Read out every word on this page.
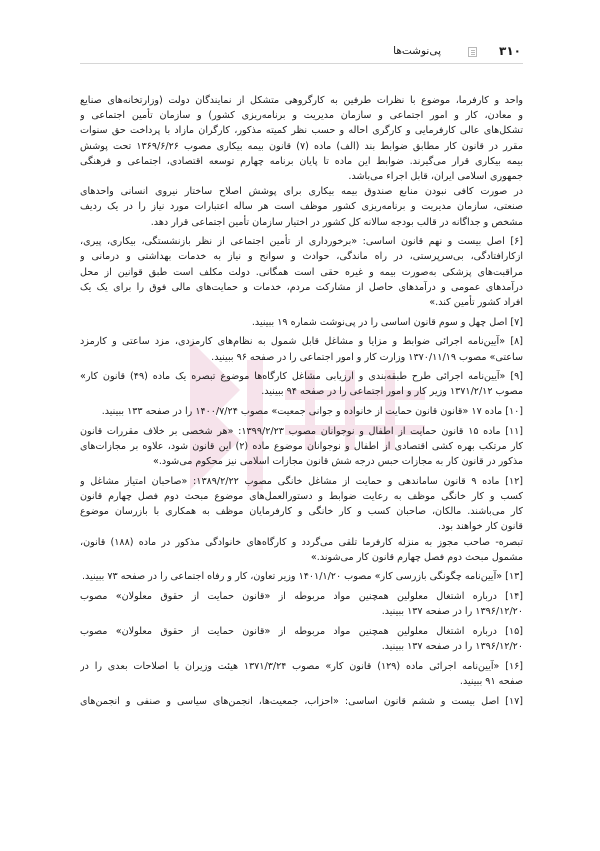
۳۱۰
پی‌نوشت‌ها
واحد و کارفرما، موضوع با نظرات طرفین به کارگروهی متشکل از نمایندگان دولت (وزارتخانه‌های صنایع
و معادن، کار و امور اجتماعی و سازمان مدیریت و برنامه‌ریزی کشور) و سازمان تأمین اجتماعی و
تشکل‌های عالی کارفرمایی و کارگری احاله و حسب نظر کمیته مذکور، کارگران مازاد با پرداخت حق سنوات
مقرر در قانون کار مطابق ضوابط بند (الف) ماده (۷) قانون بیمه بیکاری مصوب ۱۳۶۹/۶/۲۶ تحت پوشش
بیمه بیکاری قرار می‌گیرند. ضوابط این ماده تا پایان برنامه چهارم توسعه اقتصادی، اجتماعی و فرهنگی
جمهوری اسلامی ایران، قابل اجراء می‌باشد.
در صورت کافی نبودن منابع صندوق بیمه بیکاری برای پوشش اصلاح ساختار نیروی انسانی واحدهای
صنعتی، سازمان مدیریت و برنامه‌ریزی کشور موظف است هر ساله اعتبارات مورد نیاز را در یک ردیف
مشخص و جداگانه در قالب بودجه سالانه کل کشور در اختیار سازمان تأمین اجتماعی قرار دهد.
[۶] اصل بیست و نهم قانون اساسی: «برخورداری از تأمین اجتماعی از نظر بازنشستگی، بیکاری، پیری،
ازکارافتادگی، بی‌سرپرستی، در راه ماندگی، حوادث و سوانح و نیاز به خدمات بهداشتی و درمانی و
مراقبت‌های پزشکی به‌صورت بیمه و غیره حقی است همگانی. دولت مکلف است طبق قوانین از محل
درآمدهای عمومی و درآمدهای حاصل از مشارکت مردم، خدمات و حمایت‌های مالی فوق را برای یک یک
افراد کشور تأمین کند.»
[۷] اصل چهل و سوم قانون اساسی را در پی‌نوشت شماره ۱۹ ببینید.
[۸] «آیین‌نامه اجرائی ضوابط و مزایا و مشاغل قابل شمول به نظام‌های کارمزدی، مزد ساعتی و کارمزد
ساعتی» مصوب ۱۳۷۰/۱۱/۱۹ وزارت کار و امور اجتماعی را در صفحه ۹۶ ببینید.
[۹] «آیین‌نامه اجرائی طرح طبقه‌بندی و ارزیابی مشاغل کارگاه‌ها موضوع تبصره یک ماده (۴۹) قانون کار»
مصوب ۱۳۷۱/۲/۱۲ وزیر کار و امور اجتماعی را در صفحه ۹۴ ببینید.
[۱۰] ماده ۱۷ «قانون قانون حمایت از خانواده و جوانی جمعیت» مصوب ۱۴۰۰/۷/۲۴ را در صفحه ۱۳۳ ببینید.
[۱۱] ماده ۱۵ قانون حمایت از اطفال و نوجوانان مصوب ۱۳۹۹/۲/۲۳: «هر شخصی بر خلاف مقررات قانون
کار مرتکب بهره کشی اقتصادی از اطفال و نوجوانان موضوع ماده (۲) این قانون شود، علاوه بر مجازات‌های
مذکور در قانون کار به مجازات حبس درجه شش قانون مجازات اسلامی نیز محکوم می‌شود.»
[۱۲] ماده ۹ قانون ساماندهی و حمایت از مشاغل خانگی مصوب ۱۳۸۹/۲/۲۲: «صاحبان امتیاز مشاغل و
کسب و کار خانگی موظف به رعایت ضوابط و دستورالعمل‌های موضوع مبحث دوم فصل چهارم قانون
کار می‌باشند. مالکان، صاحبان کسب و کار خانگی و کارفرمایان موظف به همکاری با بازرسان موضوع
قانون کار خواهند بود.
تبصره- صاحب مجوز به منزله کارفرما تلقی می‌گردد و کارگاه‌های خانوادگی مذکور در ماده (۱۸۸) قانون،
مشمول مبحث دوم فصل چهارم قانون کار می‌شوند.»
[۱۳] «آیین‌نامه چگونگی بازرسی کار» مصوب ۱۴۰۱/۱/۲۰ وزیر تعاون، کار و رفاه اجتماعی را در صفحه ۷۳ ببینید.
[۱۴] درباره اشتغال معلولین همچنین مواد مربوطه از «قانون حمایت از حقوق معلولان» مصوب
۱۳۹۶/۱۲/۲۰ را در صفحه ۱۳۷ ببینید.
[۱۵] درباره اشتغال معلولین همچنین مواد مربوطه از «قانون حمایت از حقوق معلولان» مصوب
۱۳۹۶/۱۲/۲۰ را در صفحه ۱۳۷ ببینید.
[۱۶] «آیین‌نامه اجرائی ماده (۱۲۹) قانون کار» مصوب ۱۳۷۱/۳/۲۴ هیئت وزیران با اصلاحات بعدی را در
صفحه ۹۱ ببینید.
[۱۷] اصل بیست و ششم قانون اساسی: «احزاب، جمعیت‌ها، انجمن‌های سیاسی و صنفی و انجمن‌های
